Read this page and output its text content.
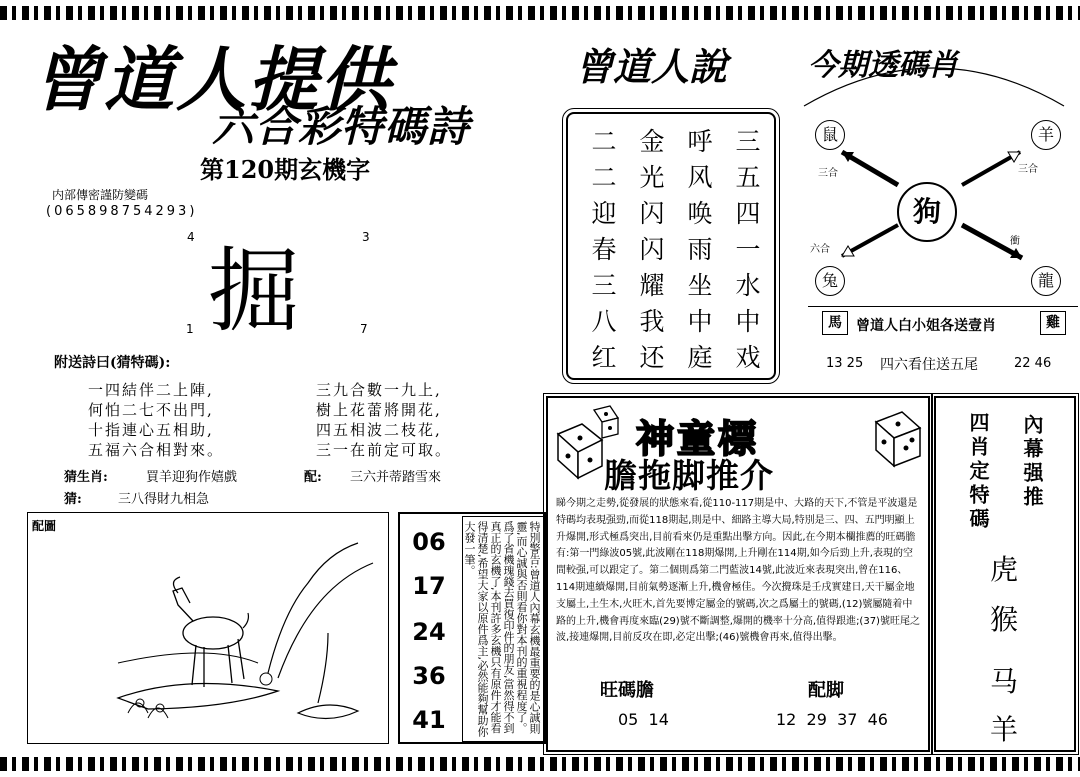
曾道人提供
六合彩特碼詩
第120期玄機字
内部傳密謹防變碼
(065898754293)
4	3
掘
1	7
附送詩曰(猜特碼):
一四結伴二上陣,
何怕二七不出門,
十指連心五相助,
五福六合相對來。
三九合數一九上,
樹上花蕾將開花,
四五相波二枝花,
三一在前定可取。
猜生肖:	買羊迎狗作嬉戲	配: 三六并蒂踏雪來
猜:	三八得財九相急
配圖
06
17
24
36
41	特別警告:曾道人內幕玄機最重要的是心誠則靈,而心誠與否則看你對本刊的重視程度了。爲了省機瑰錢去買復印件的朋友,當然得不到真正的玄機了,本刊許多玄機只有原件才能看得清楚,希望大家以原件爲主,必然能夠幫助你大發一筆。
曾道人說
二 金 呼 三
二 光 风 五
迎 闪 唤 四
春 闪 雨 一
三 耀 坐 水
八 我 中 中
红 还 庭 戏
今期透碼肖
狗
鼠	羊
兔	龍
三合	三合
六合
衝
馬	曾道人白小姐各送壹肖	雞
13 25 四六看住送五尾	22 46
神童標
膽拖脚推介
睇今期之走勢,從發展的狀態來看,從110-117期是中、大路的天下,不管是平波還是特碼均表現强勁,而從118期起,則是中、細路主導大局,特別是三、四、五門明顯上升爆開,形式極爲突出,目前看來仍是重點出擊方向。因此,在今期本欄推薦的旺碼膽有:第一門綠波05號,此波剛在118期爆開,上升剛在114期,如今后勁上升,表現的空間較强,可以跟定了。第二個則爲第二門藍波14號,此波近來表現突出,曾在116、114期連續爆開,目前氣勢逐漸上升,機會極佳。今次攪珠是壬戌實建日,天干屬金地支屬土,土生木,火旺木,首先要博定屬金的號碼,次之爲屬土的號碼,(12)號屬隨着中路的上升,機會再度來臨(29)號不斷調整,爆開的機率十分高,值得跟進;(37)號旺尾之波,接連爆開,目前反攻在即,必定出擊;(46)號機會再來,值得出擊。
旺碼膽	配脚
05  14	12  29  37  46
四肖定特碼 內幕强推
虎
猴
马
羊
